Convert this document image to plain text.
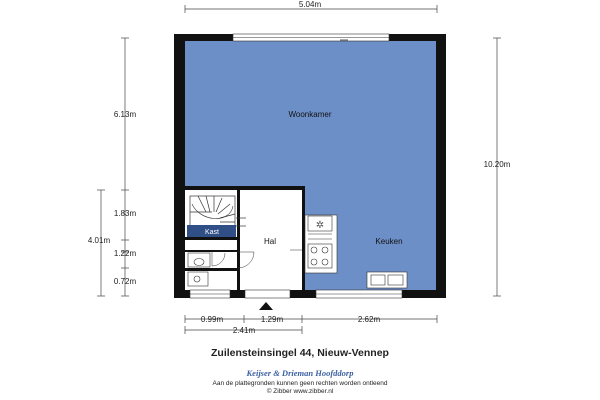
✲
5.04m
10.20m
6.13m
1.83m
4.01m
1.22m
0.72m
0.99m	1.29m	2.62m
2.41m
Woonkamer
Keuken
Hal
Kast
Zuilensteinsingel 44, Nieuw-Vennep
Keijser & Drieman Hoofddorp
Aan de plattegronden kunnen geen rechten worden ontleend
© Zibber www.zibber.nl
